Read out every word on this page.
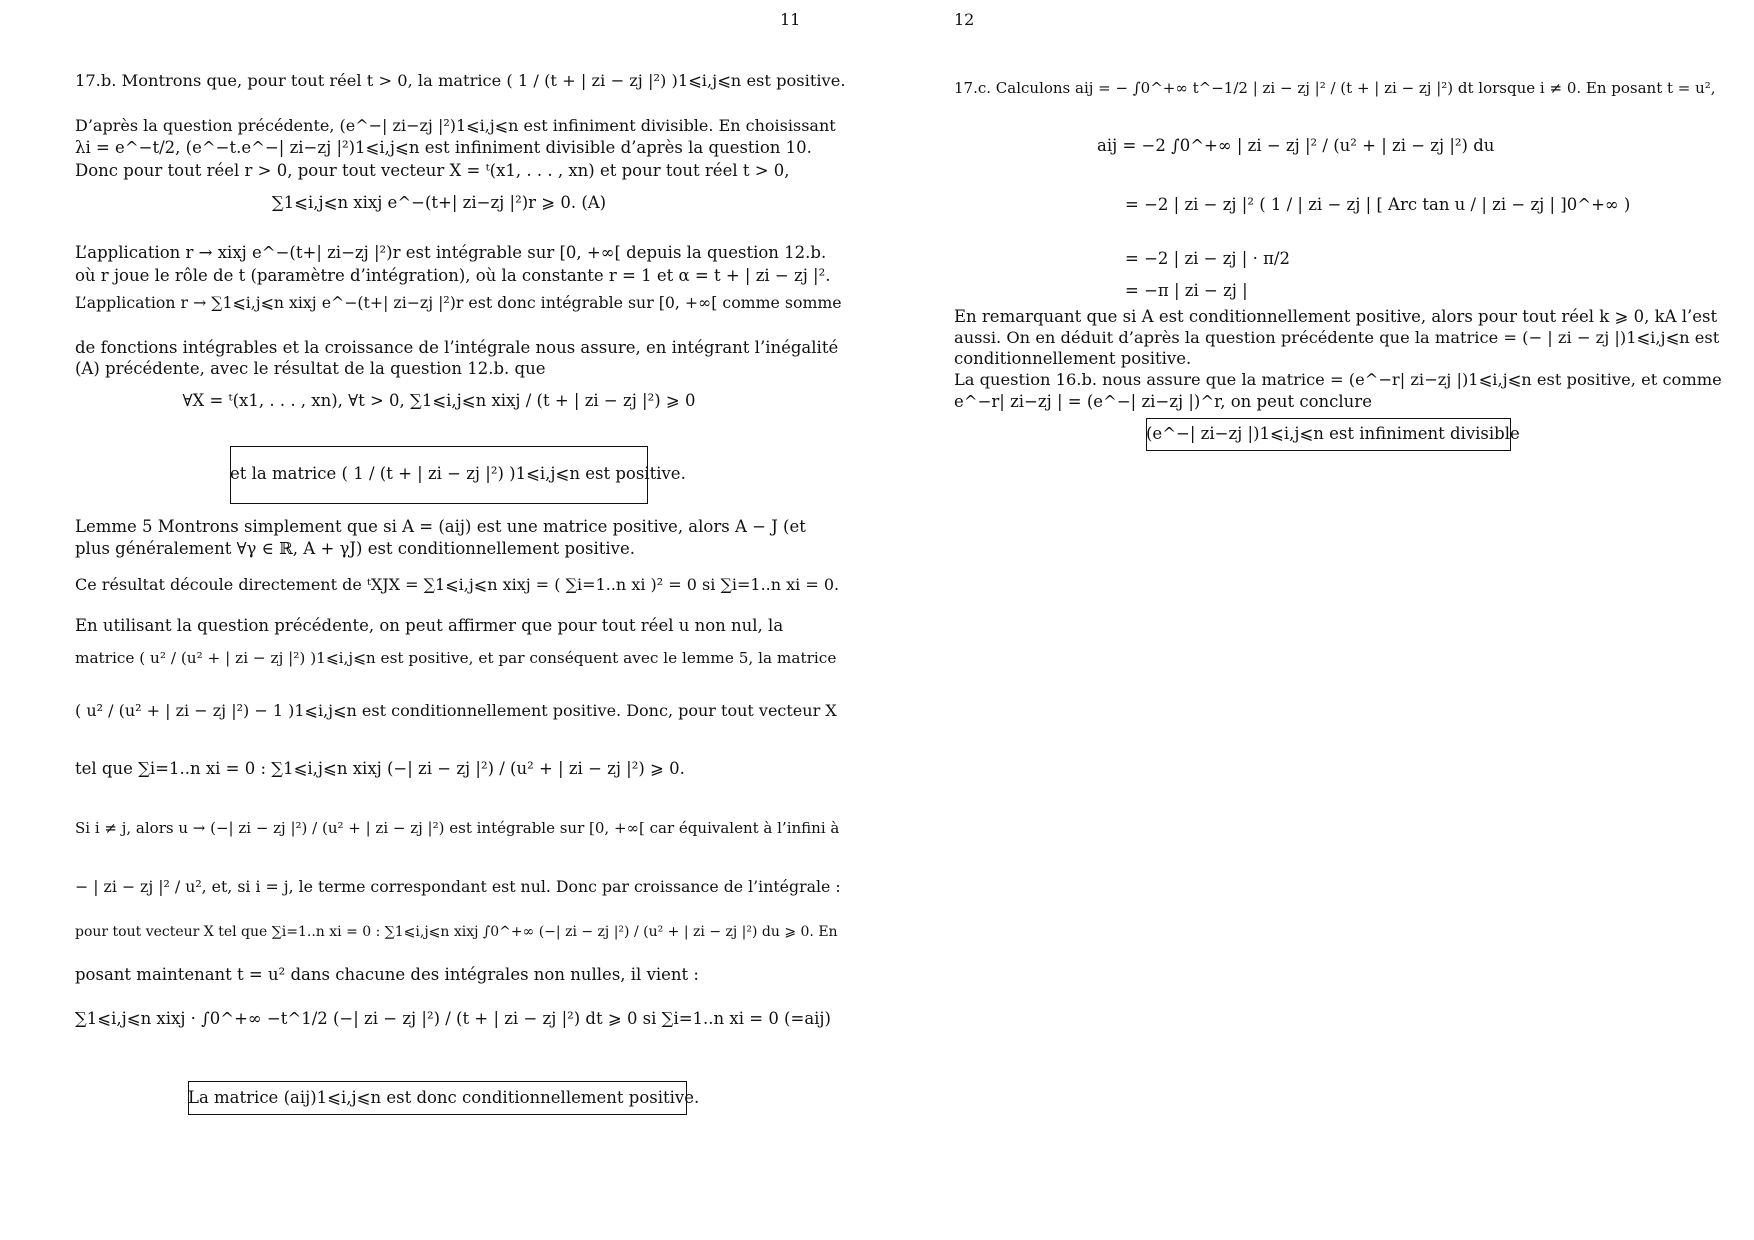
11
17.b. Montrons que, pour tout réel t > 0, la matrice ( 1 / (t + | zi − zj |²) )1⩽i,j⩽n est positive.
D’après la question précédente, (e^−| zi−zj |²)1⩽i,j⩽n est infiniment divisible. En choisissant
λi = e^−t/2, (e^−t.e^−| zi−zj |²)1⩽i,j⩽n est infiniment divisible d’après la question 10.
Donc pour tout réel r > 0, pour tout vecteur X = ᵗ(x1, . . . , xn) et pour tout réel t > 0,
∑1⩽i,j⩽n xixj e^−(t+| zi−zj |²)r ⩾ 0. (A)
L’application r → xixj e^−(t+| zi−zj |²)r est intégrable sur [0, +∞[ depuis la question 12.b.
où r joue le rôle de t (paramètre d’intégration), où la constante r = 1 et α = t + | zi − zj |².
L’application r → ∑1⩽i,j⩽n xixj e^−(t+| zi−zj |²)r est donc intégrable sur [0, +∞[ comme somme
de fonctions intégrables et la croissance de l’intégrale nous assure, en intégrant l’inégalité
(A) précédente, avec le résultat de la question 12.b. que
∀X = ᵗ(x1, . . . , xn), ∀t > 0, ∑1⩽i,j⩽n xixj / (t + | zi − zj |²) ⩾ 0
et la matrice ( 1 / (t + | zi − zj |²) )1⩽i,j⩽n est positive.
Lemme 5 Montrons simplement que si A = (aij) est une matrice positive, alors A − J (et
plus généralement ∀γ ∈ ℝ, A + γJ) est conditionnellement positive.
Ce résultat découle directement de ᵗXJX = ∑1⩽i,j⩽n xixj = ( ∑i=1..n xi )² = 0 si ∑i=1..n xi = 0.
En utilisant la question précédente, on peut affirmer que pour tout réel u non nul, la
matrice ( u² / (u² + | zi − zj |²) )1⩽i,j⩽n est positive, et par conséquent avec le lemme 5, la matrice
( u² / (u² + | zi − zj |²) − 1 )1⩽i,j⩽n est conditionnellement positive. Donc, pour tout vecteur X
tel que ∑i=1..n xi = 0 : ∑1⩽i,j⩽n xixj (−| zi − zj |²) / (u² + | zi − zj |²) ⩾ 0.
Si i ≠ j, alors u → (−| zi − zj |²) / (u² + | zi − zj |²) est intégrable sur [0, +∞[ car équivalent à l’infini à
− | zi − zj |² / u², et, si i = j, le terme correspondant est nul. Donc par croissance de l’intégrale :
pour tout vecteur X tel que ∑i=1..n xi = 0 : ∑1⩽i,j⩽n xixj ∫0^+∞ (−| zi − zj |²) / (u² + | zi − zj |²) du ⩾ 0. En
posant maintenant t = u² dans chacune des intégrales non nulles, il vient :
∑1⩽i,j⩽n xixj · ∫0^+∞ −t^1/2 (−| zi − zj |²) / (t + | zi − zj |²) dt ⩾ 0 si ∑i=1..n xi = 0 (=aij)
La matrice (aij)1⩽i,j⩽n est donc conditionnellement positive.
12
17.c. Calculons aij = − ∫0^+∞ t^−1/2 | zi − zj |² / (t + | zi − zj |²) dt lorsque i ≠ 0. En posant t = u²,
aij = −2 ∫0^+∞ | zi − zj |² / (u² + | zi − zj |²) du
= −2 | zi − zj |² ( 1 / | zi − zj | [ Arc tan u / | zi − zj | ]0^+∞ )
= −2 | zi − zj | · π/2
= −π | zi − zj |
En remarquant que si A est conditionnellement positive, alors pour tout réel k ⩾ 0, kA l’est
aussi. On en déduit d’après la question précédente que la matrice = (− | zi − zj |)1⩽i,j⩽n est
conditionnellement positive.
La question 16.b. nous assure que la matrice = (e^−r| zi−zj |)1⩽i,j⩽n est positive, et comme
e^−r| zi−zj | = (e^−| zi−zj |)^r, on peut conclure
(e^−| zi−zj |)1⩽i,j⩽n est infiniment divisible
